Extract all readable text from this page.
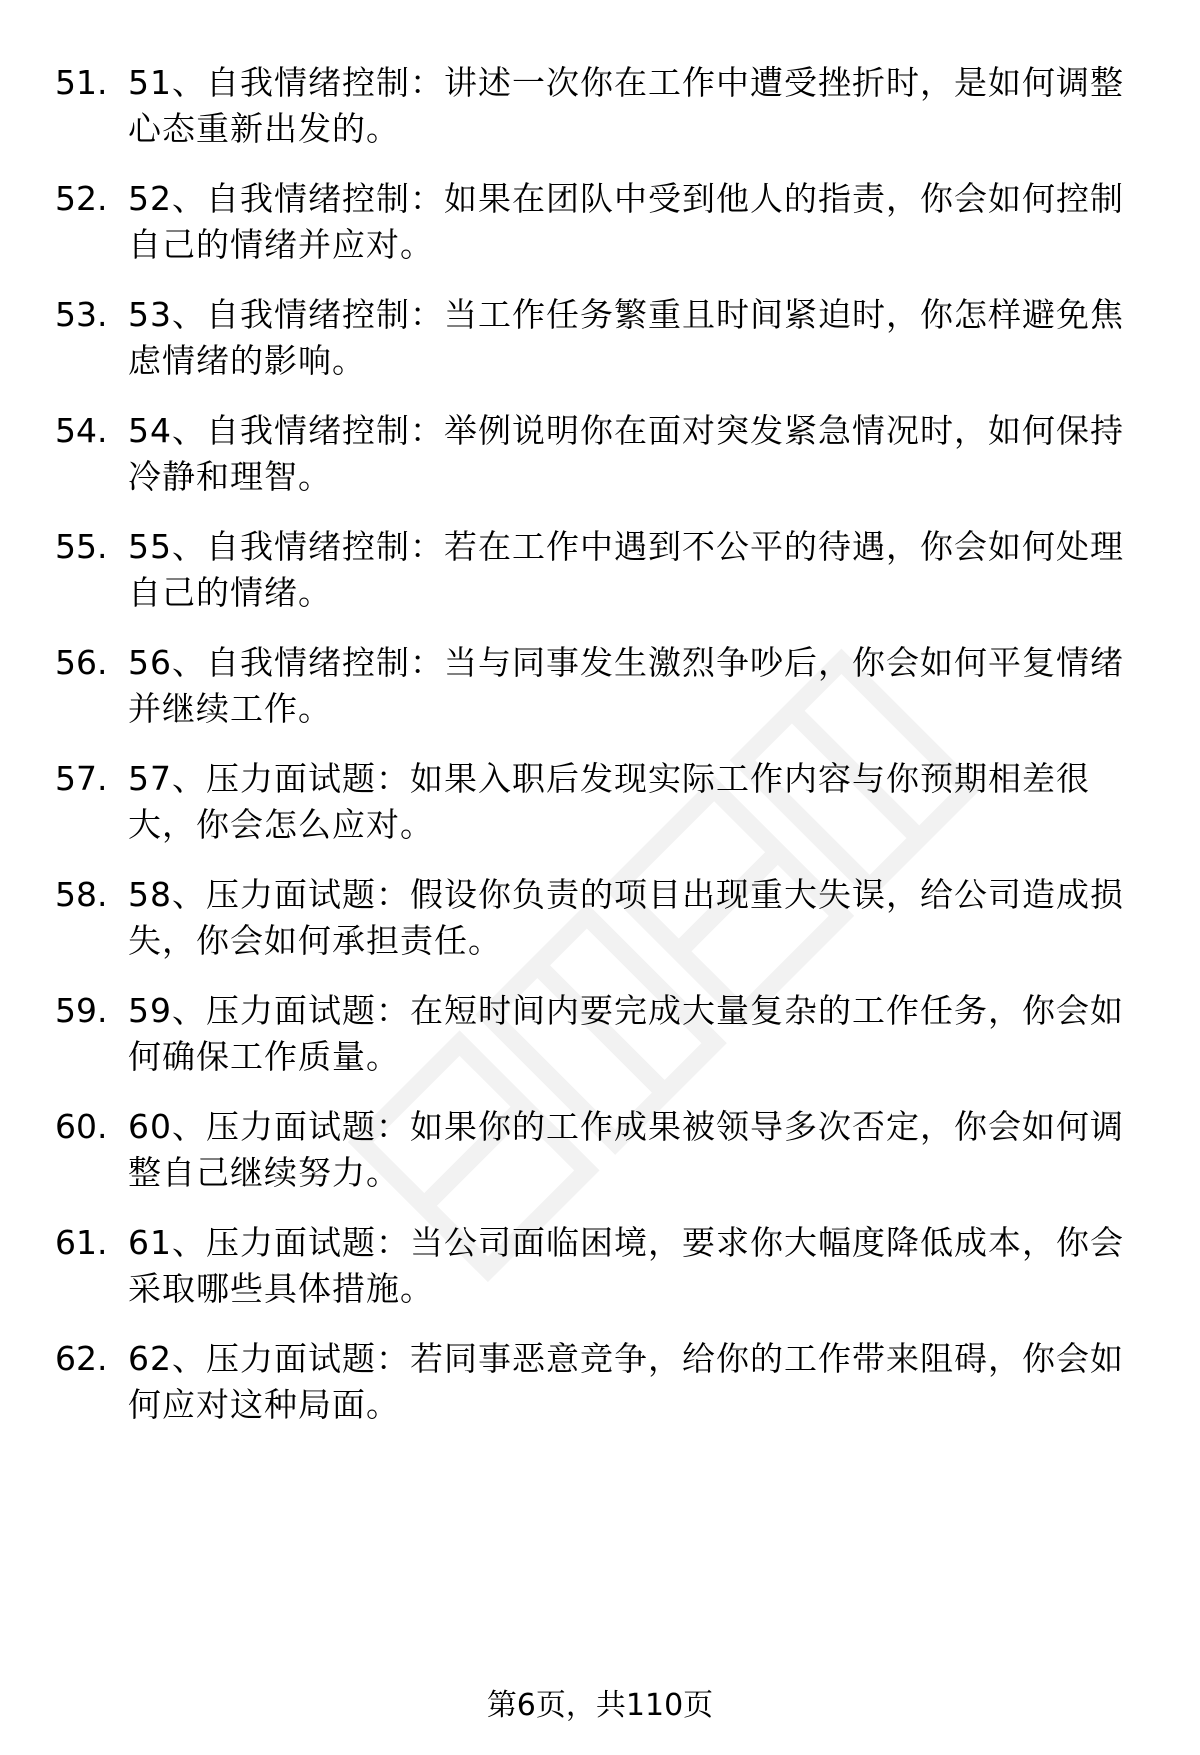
51. 51、自我情绪控制：讲述一次你在工作中遭受挫折时，是如何调整心态重新出发的。
52. 52、自我情绪控制：如果在团队中受到他人的指责，你会如何控制自己的情绪并应对。
53. 53、自我情绪控制：当工作任务繁重且时间紧迫时，你怎样避免焦虑情绪的影响。
54. 54、自我情绪控制：举例说明你在面对突发紧急情况时，如何保持冷静和理智。
55. 55、自我情绪控制：若在工作中遇到不公平的待遇，你会如何处理自己的情绪。
56. 56、自我情绪控制：当与同事发生激烈争吵后，你会如何平复情绪并继续工作。
57. 57、压力面试题：如果入职后发现实际工作内容与你预期相差很大，你会怎么应对。
58. 58、压力面试题：假设你负责的项目出现重大失误，给公司造成损失，你会如何承担责任。
59. 59、压力面试题：在短时间内要完成大量复杂的工作任务，你会如何确保工作质量。
60. 60、压力面试题：如果你的工作成果被领导多次否定，你会如何调整自己继续努力。
61. 61、压力面试题：当公司面临困境，要求你大幅度降低成本，你会采取哪些具体措施。
62. 62、压力面试题：若同事恶意竞争，给你的工作带来阻碍，你会如何应对这种局面。
第6页，共110页
